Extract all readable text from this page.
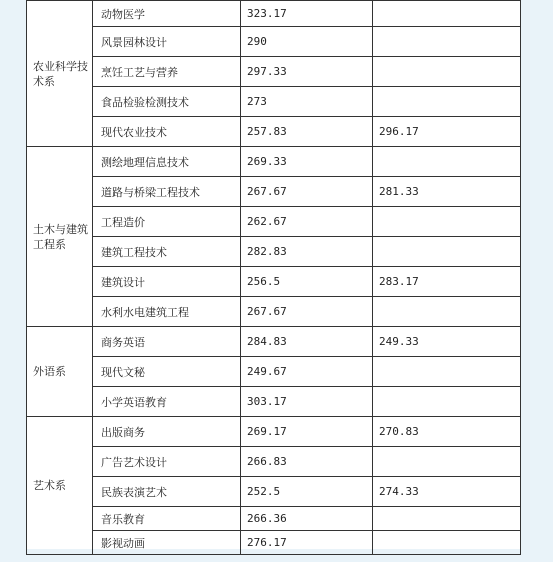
农业科学技术系	动物医学	323.17	
	风景园林设计	290	
	烹饪工艺与营养	297.33	
	食品检验检测技术	273	
	现代农业技术	257.83	296.17
土木与建筑工程系	测绘地理信息技术	269.33	
	道路与桥梁工程技术	267.67	281.33
	工程造价	262.67	
	建筑工程技术	282.83	
	建筑设计	256.5	283.17
	水利水电建筑工程	267.67	
外语系	商务英语	284.83	249.33
	现代文秘	249.67	
	小学英语教育	303.17	
艺术系	出版商务	269.17	270.83
	广告艺术设计	266.83	
	民族表演艺术	252.5	274.33
	音乐教育	266.36	
	影视动画	276.17	
